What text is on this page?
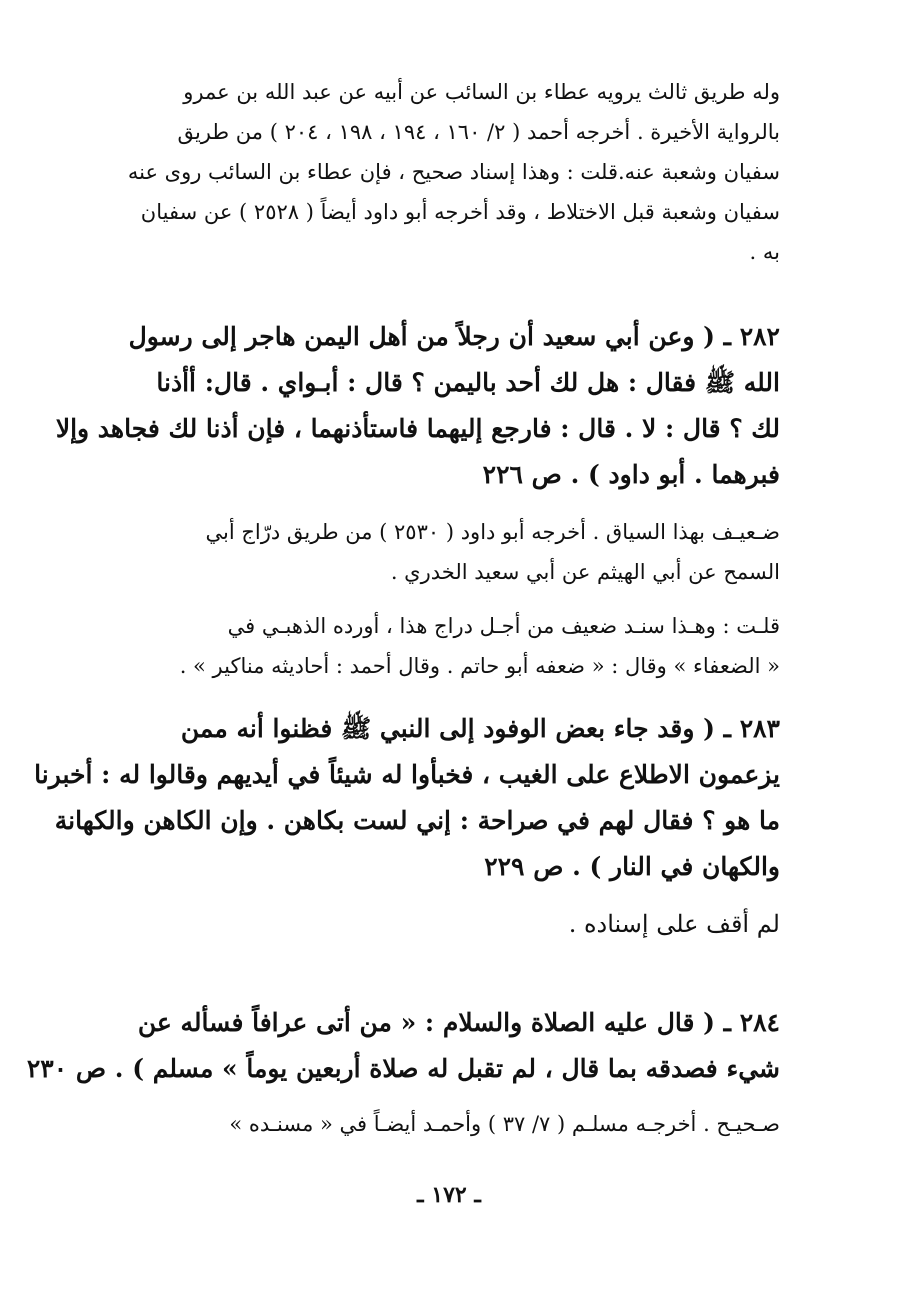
وله طريق ثالث يرويه عطاء بن السائب عن أبيه عن عبد الله بن عمرو
بالرواية الأخيرة . أخرجه أحمد ( ٢/ ١٦٠ ، ١٩٤ ، ١٩٨ ، ٢٠٤ ) من طريق
سفيان وشعبة عنه.قلت : وهذا إسناد صحيح ، فإن عطاء بن السائب روى عنه
سفيان وشعبة قبل الاختلاط ، وقد أخرجه أبو داود أيضاً ( ٢٥٢٨ ) عن سفيان
به .
٢٨٢ ـ ( وعن أبي سعيد أن رجلاً من أهل اليمن هاجر إلى رسول
الله ﷺ فقال : هل لك أحد باليمن ؟ قال : أبـواي . قال: أأذنا
لك ؟ قال : لا . قال : فارجع إليهما فاستأذنهما ، فإن أذنا لك فجاهد وإلا
فبرهما . أبو داود ) . ص ٢٢٦
ضـعيـف بهذا السياق . أخرجه أبو داود ( ٢٥٣٠ ) من طريق درّاج أبي
السمح عن أبي الهيثم عن أبي سعيد الخدري .
قلـت : وهـذا سنـد ضعيف من أجـل دراج هذا ، أورده الذهبـي في
« الضعفاء » وقال : « ضعفه أبو حاتم . وقال أحمد : أحاديثه مناكير » .
٢٨٣ ـ ( وقد جاء بعض الوفود إلى النبي ﷺ فظنوا أنه ممن
يزعمون الاطلاع على الغيب ، فخبأوا له شيئاً في أيديهم وقالوا له : أخبرنا
ما هو ؟ فقال لهم في صراحة : إني لست بكاهن . وإن الكاهن والكهانة
والكهان في النار ) . ص ٢٢٩
لم أقف على إسناده .
٢٨٤ ـ ( قال عليه الصلاة والسلام : « من أتى عرافاً فسأله عن
شيء فصدقه بما قال ، لم تقبل له صلاة أربعين يوماً » مسلم ) . ص ٢٣٠
صـحيـح . أخرجـه مسلـم ( ٧/ ٣٧ ) وأحمـد أيضـاً في « مسنـده »
ـ ١٧٢ ـ
